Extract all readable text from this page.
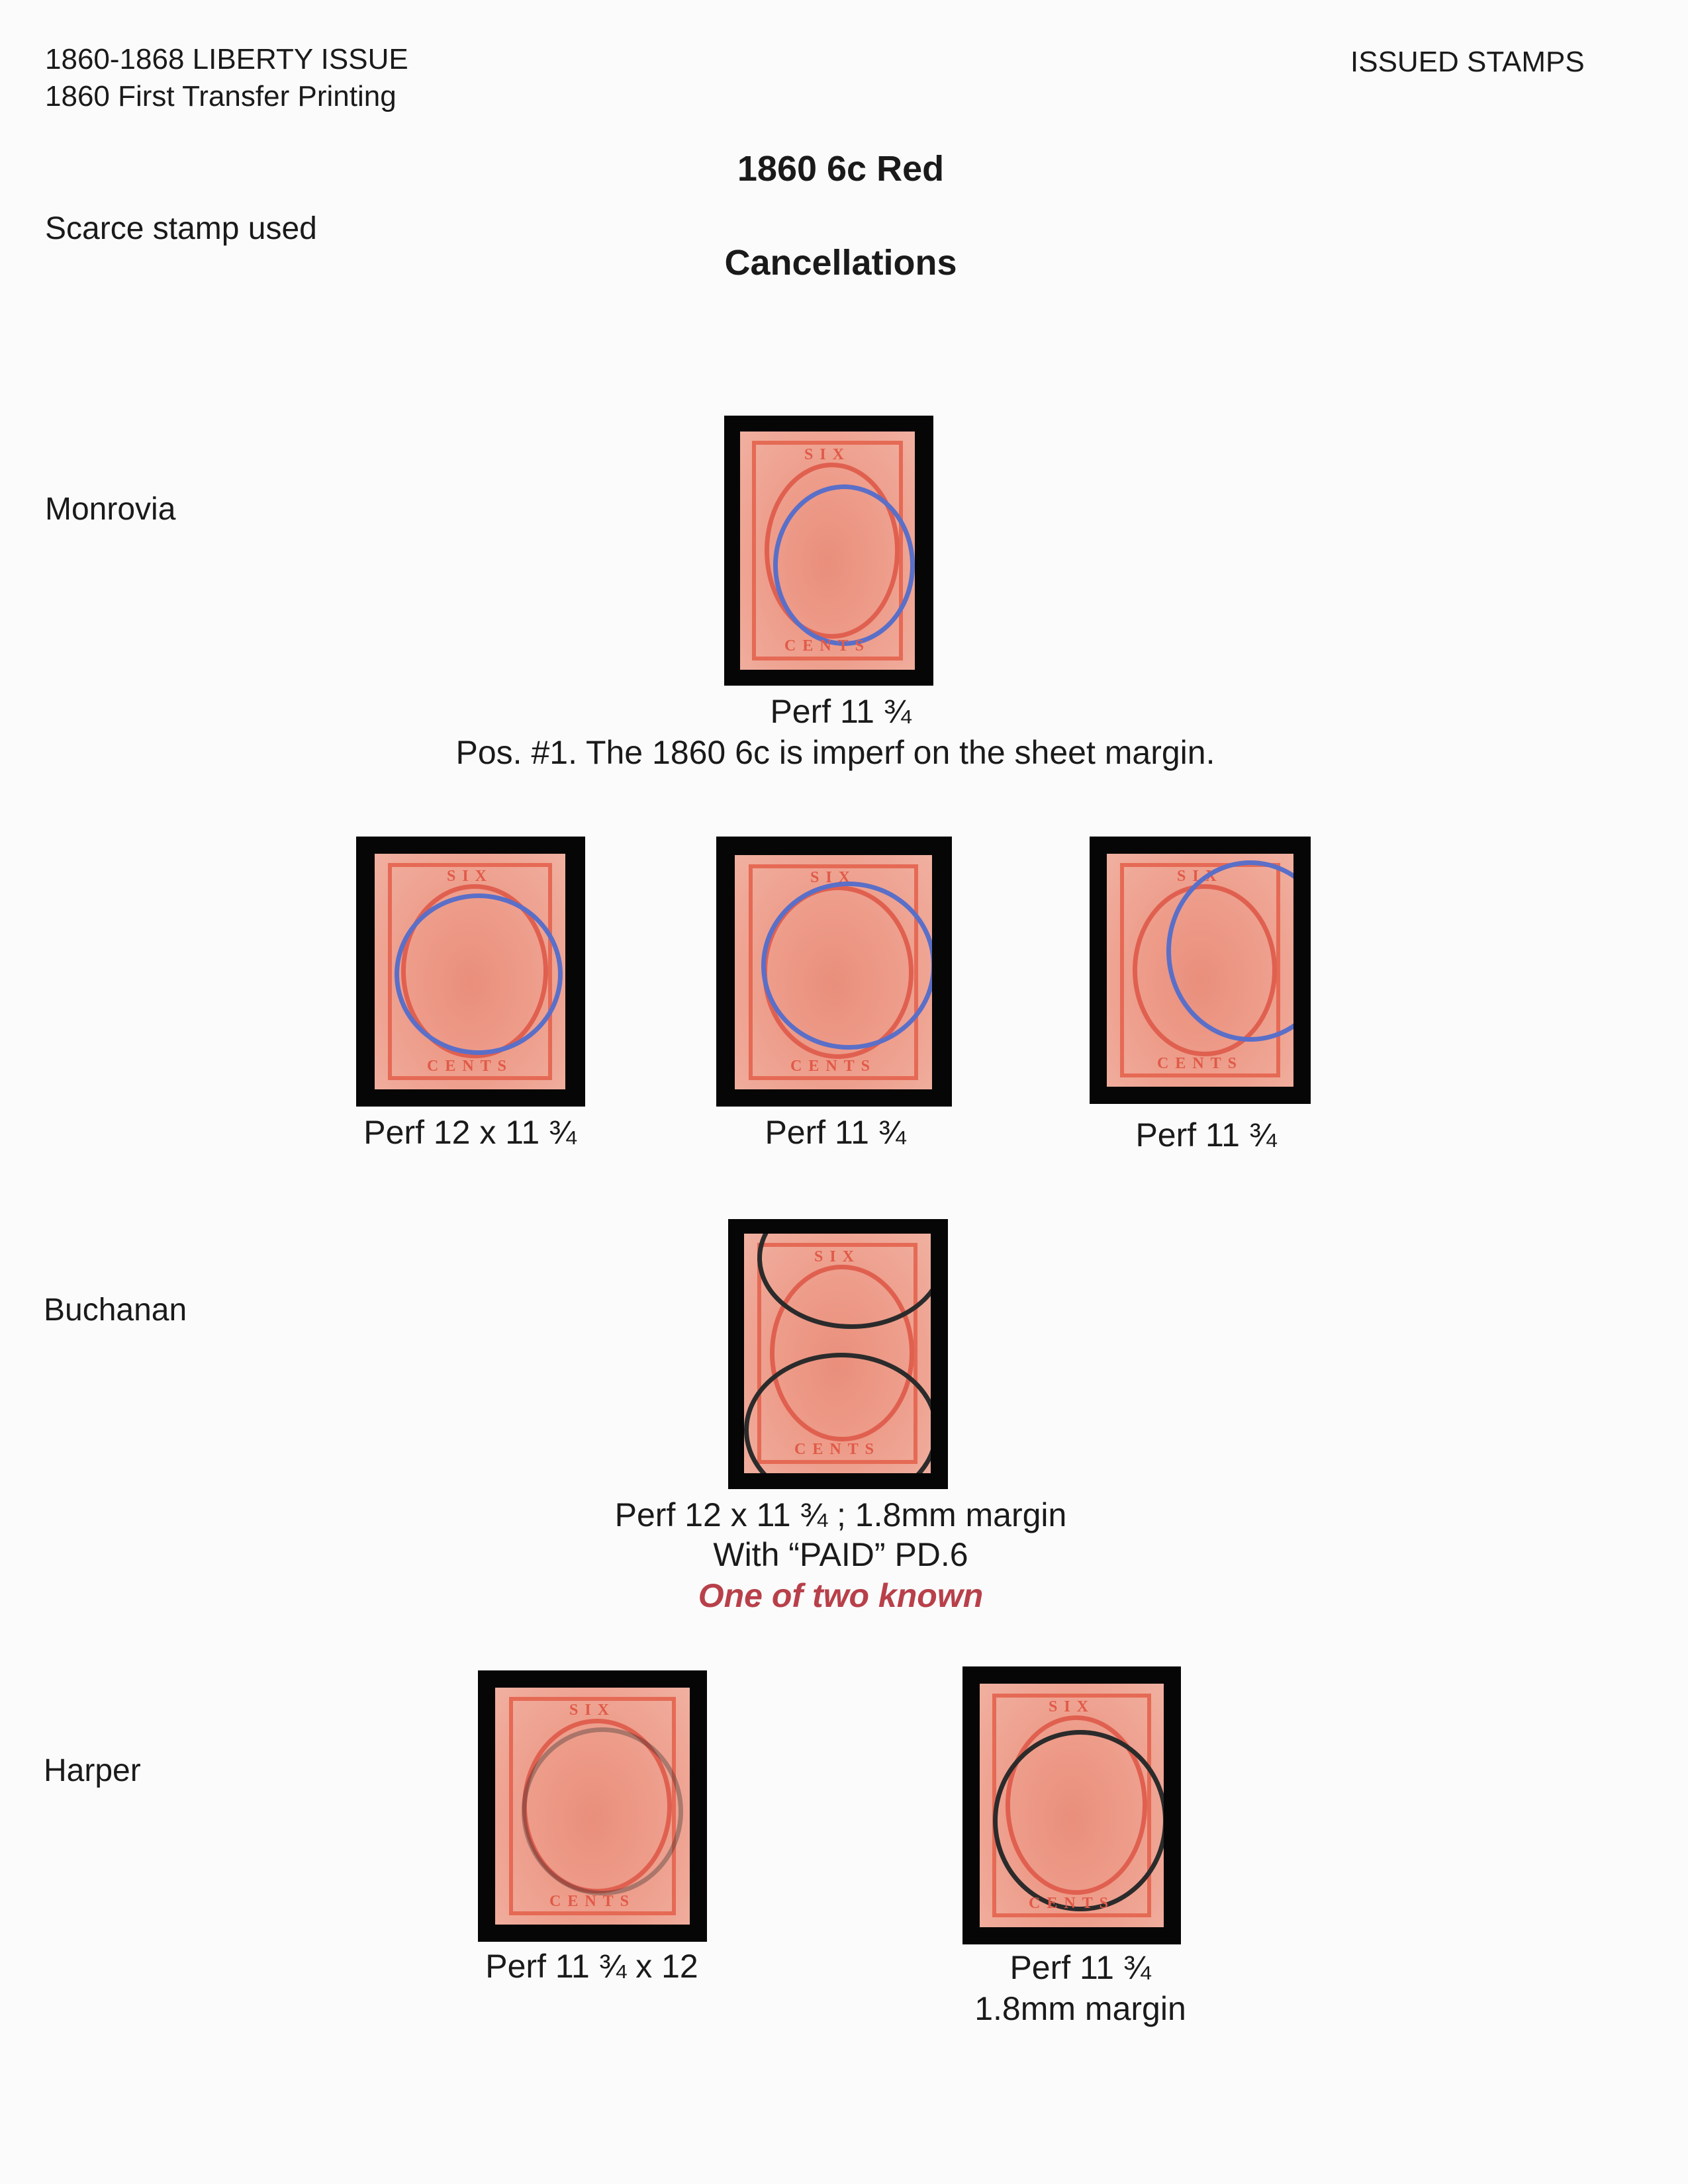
1860-1868 LIBERTY ISSUE
1860 First Transfer Printing
ISSUED STAMPS
1860 6c Red
Cancellations
Scarce stamp used
Monrovia
Buchanan
Harper
SIX
CENTS
Perf 11 ¾
Pos. #1. The 1860 6c is imperf on the sheet margin.
SIX
CENTS
Perf 12 x 11 ¾
SIX
CENTS
Perf 11 ¾
SIX
CENTS
Perf 11 ¾
SIX
CENTS
Perf 12 x 11 ¾ ; 1.8mm margin
With “PAID” PD.6
One of two known
SIX
CENTS
Perf 11 ¾ x 12
SIX
CENTS
Perf 11 ¾
1.8mm margin
